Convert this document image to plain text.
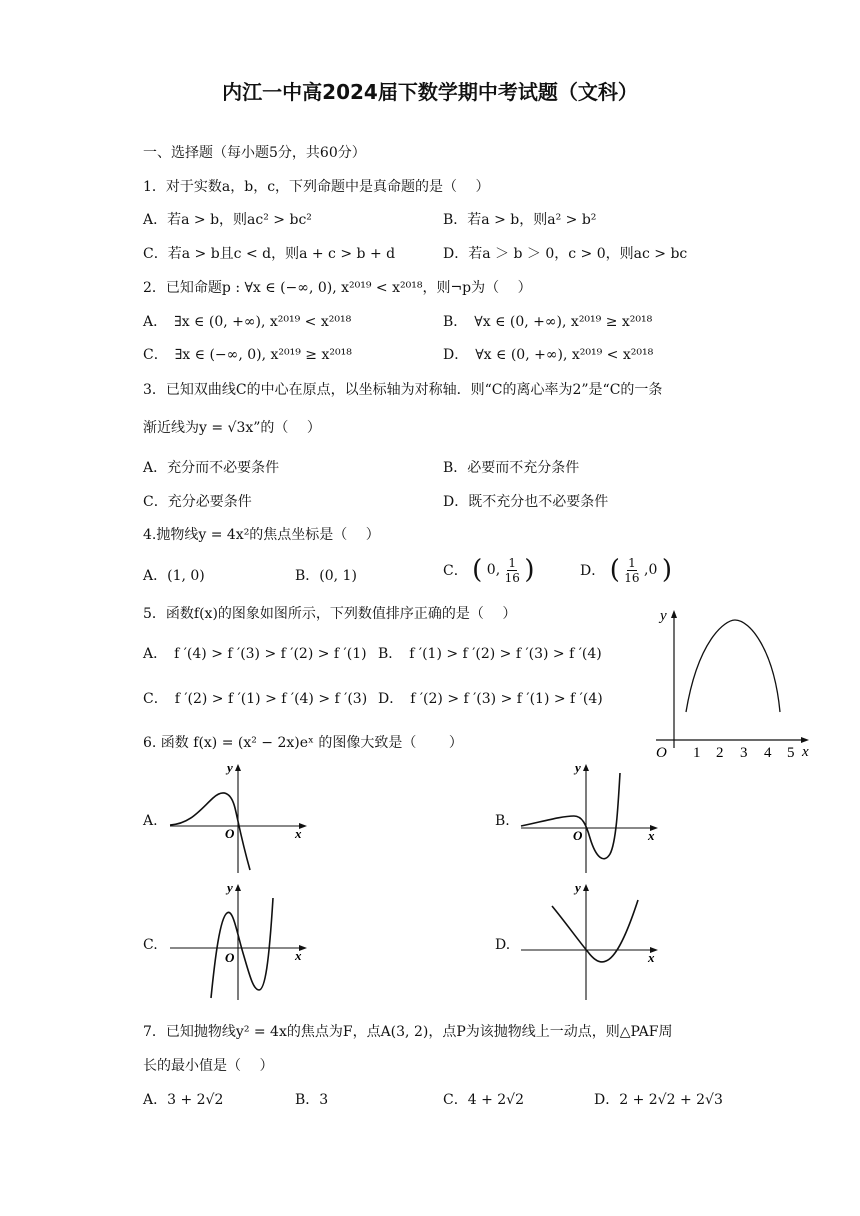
内江一中高2024届下数学期中考试题（文科）
一、选择题（每小题5分，共60分）
1．对于实数a，b，c，下列命题中是真命题的是（　 ）
A．若a > b，则ac² > bc²	B．若a > b，则a² > b²
C．若a > b且c < d，则a + c > b + d	D．若a ＞ b ＞ 0，c > 0，则ac > bc
2．已知命题p : ∀x ∈ (−∞, 0), x²⁰¹⁹ < x²⁰¹⁸，则¬p为（　 ）
A．　∃x ∈ (0, +∞), x²⁰¹⁹ < x²⁰¹⁸	B．　∀x ∈ (0, +∞), x²⁰¹⁹ ≥ x²⁰¹⁸
C．　∃x ∈ (−∞, 0), x²⁰¹⁹ ≥ x²⁰¹⁸	D．　∀x ∈ (0, +∞), x²⁰¹⁹ < x²⁰¹⁸
3．已知双曲线C的中心在原点，以坐标轴为对称轴．则“C的离心率为2”是“C的一条
渐近线为y = √3x”的（　 ）
A．充分而不必要条件	B．必要而不充分条件
C．充分必要条件	D．既不充分也不必要条件
4.抛物线y = 4x²的焦点坐标是（　 ）
A．(1, 0)	B．(0, 1)	C． ( 0, $\frac{1}{16}$ )	D． ( $\frac{1}{16} ,0$ )
5．函数f(x)的图象如图所示，下列数值排序正确的是（　 ）
A．　f ′(4) > f ′(3) > f ′(2) > f ′(1) B．　f ′(1) > f ′(2) > f ′(3) > f ′(4)
C．　f ′(2) > f ′(1) > f ′(4) > f ′(3) D．　f ′(2) > f ′(3) > f ′(1) > f ′(4)
y
x
O 1 2 3 4 5
6. 函数 f(x) = (x² − 2x)eˣ 的图像大致是（　　 ）
A.
y
x
O
B.
y
x
O
C.
y
x
O
D.
y
x
7．已知抛物线y² = 4x的焦点为F，点A(3, 2)，点P为该抛物线上一动点，则△PAF周
长的最小值是（　 ）
A．3 + 2√2	B．3	C．4 + 2√2	D．2 + 2√2 + 2√3
